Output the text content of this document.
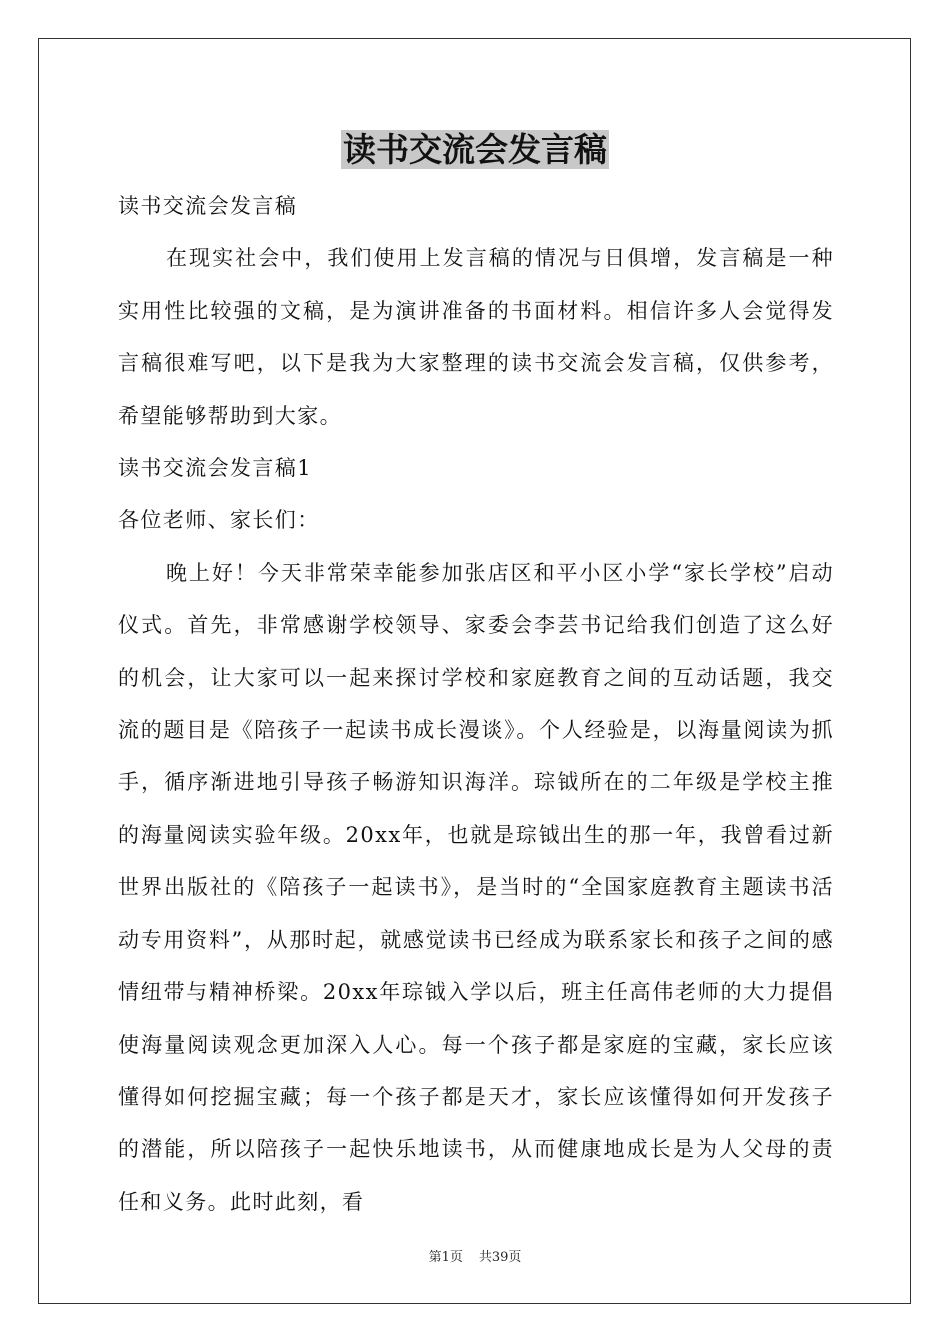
读书交流会发言稿

读书交流会发言稿

在现实社会中，我们使用上发言稿的情况与日俱增，发言稿是一种实用性比较强的文稿，是为演讲准备的书面材料。相信许多人会觉得发言稿很难写吧，以下是我为大家整理的读书交流会发言稿，仅供参考，希望能够帮助到大家。

读书交流会发言稿1

各位老师、家长们：

晚上好！今天非常荣幸能参加张店区和平小区小学“家长学校”启动仪式。首先，非常感谢学校领导、家委会李芸书记给我们创造了这么好的机会，让大家可以一起来探讨学校和家庭教育之间的互动话题，我交流的题目是《陪孩子一起读书成长漫谈》。个人经验是，以海量阅读为抓手，循序渐进地引导孩子畅游知识海洋。琮钺所在的二年级是学校主推的海量阅读实验年级。20xx年，也就是琮钺出生的那一年，我曾看过新世界出版社的《陪孩子一起读书》，是当时的“全国家庭教育主题读书活动专用资料”，从那时起，就感觉读书已经成为联系家长和孩子之间的感情纽带与精神桥梁。20xx年琮钺入学以后，班主任高伟老师的大力提倡使海量阅读观念更加深入人心。每一个孩子都是家庭的宝藏，家长应该懂得如何挖掘宝藏；每一个孩子都是天才，家长应该懂得如何开发孩子的潜能，所以陪孩子一起快乐地读书，从而健康地成长是为人父母的责任和义务。此时此刻，看

第1页 共39页
